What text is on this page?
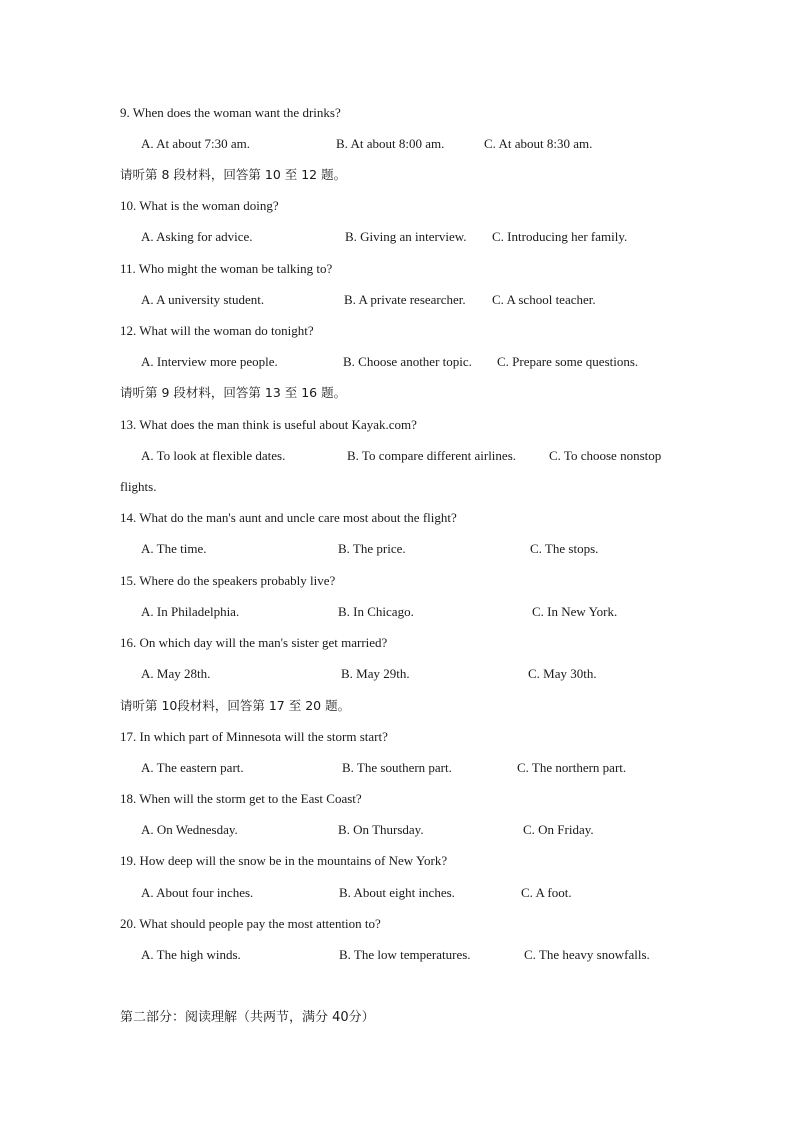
9. When does the woman want the drinks?
A. At about 7:30 am.	B. At about 8:00 am.	C. At about 8:30 am.
请听第 8 段材料，回答第 10 至 12 题。
10. What is the woman doing?
A. Asking for advice.	B. Giving an interview. C. Introducing her family.
11. Who might the woman be talking to?
A. A university student.	B. A private researcher. C. A school teacher.
12. What will the woman do tonight?
A. Interview more people.	B. Choose another topic. C. Prepare some questions.
请听第 9 段材料，回答第 13 至 16 题。
13. What does the man think is useful about Kayak.com?
A. To look at flexible dates.	B. To compare different airlines.	C. To choose nonstop
flights.
14. What do the man's aunt and uncle care most about the flight?
A. The time.	B. The price.	C. The stops.
15. Where do the speakers probably live?
A. In Philadelphia.	B. In Chicago.	C. In New York.
16. On which day will the man's sister get married?
A. May 28th.	B. May 29th.	C. May 30th.
请听第 10段材料，回答第 17 至 20 题。
17. In which part of Minnesota will the storm start?
A. The eastern part.	B. The southern part.	C. The northern part.
18. When will the storm get to the East Coast?
A. On Wednesday.	B. On Thursday.	C. On Friday.
19. How deep will the snow be in the mountains of New York?
A. About four inches.	B. About eight inches.	C. A foot.
20. What should people pay the most attention to?
A. The high winds.	B. The low temperatures.	C. The heavy snowfalls.
第二部分：阅读理解（共两节，满分 40分）
